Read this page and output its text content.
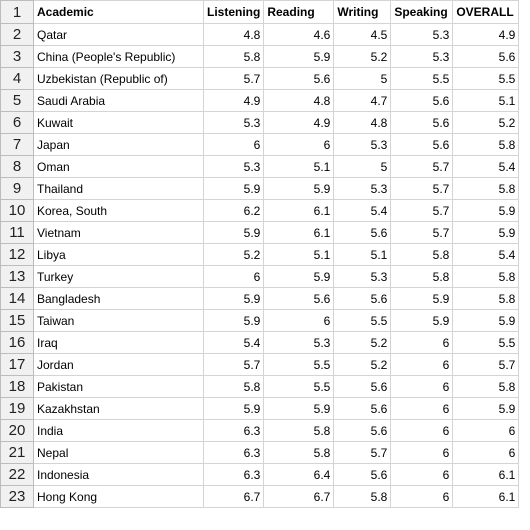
1	Academic	Listening	Reading	Writing	Speaking	OVERALL
2	Qatar	4.8	4.6	4.5	5.3	4.9
3	China (People's Republic)	5.8	5.9	5.2	5.3	5.6
4	Uzbekistan (Republic of)	5.7	5.6	5	5.5	5.5
5	Saudi Arabia	4.9	4.8	4.7	5.6	5.1
6	Kuwait	5.3	4.9	4.8	5.6	5.2
7	Japan	6	6	5.3	5.6	5.8
8	Oman	5.3	5.1	5	5.7	5.4
9	Thailand	5.9	5.9	5.3	5.7	5.8
10	Korea, South	6.2	6.1	5.4	5.7	5.9
11	Vietnam	5.9	6.1	5.6	5.7	5.9
12	Libya	5.2	5.1	5.1	5.8	5.4
13	Turkey	6	5.9	5.3	5.8	5.8
14	Bangladesh	5.9	5.6	5.6	5.9	5.8
15	Taiwan	5.9	6	5.5	5.9	5.9
16	Iraq	5.4	5.3	5.2	6	5.5
17	Jordan	5.7	5.5	5.2	6	5.7
18	Pakistan	5.8	5.5	5.6	6	5.8
19	Kazakhstan	5.9	5.9	5.6	6	5.9
20	India	6.3	5.8	5.6	6	6
21	Nepal	6.3	5.8	5.7	6	6
22	Indonesia	6.3	6.4	5.6	6	6.1
23	Hong Kong	6.7	6.7	5.8	6	6.1
